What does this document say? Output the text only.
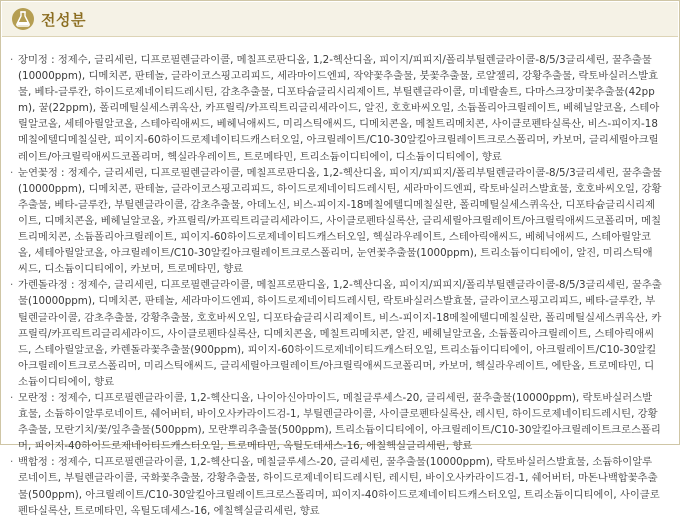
전성분

· 장미정 : 정제수, 글리세린, 디프로필렌글라이콜, 메칠프로판디올, 1,2-헥산디올, 피이지/피피지/폴리부틸렌글라이콜-8/5/3글리세린, 꿀추출물(10000ppm), 디메치콘, 판테놀, 글라이코스핑고리피드, 세라마이드엔피, 작약꽃추출물, 붓꽃추출물, 로얄젤리, 강황추출물, 락토바실러스발효물, 베타-글루칸, 하이드로제네이티드레시틴, 감초추출물, 디포타슘글리시리제이트, 부틸렌글라이콜, 미네랄솔트, 다마스크장미꽃추출물(42ppm), 꿀(22ppm), 폴리메틸실세스퀴옥산, 카프릴릭/카프릭트리글리세라이드, 알진, 호호바씨오일, 소듐폴리아크릴레이트, 베헤닐알코올, 스테아릴알코올, 세테아릴알코올, 스테아릭애씨드, 베헤닉애씨드, 미리스틱애씨드, 디메치콘올, 메칠트리메치콘, 사이클로펜타실록산, 비스-피이지-18메칠에텔디메칠실란, 피이지-60하이드로제네이티드캐스터오일, 아크릴레이트/C10-30알킬아크릴레이트크로스폴리머, 카보머, 글리세릴아크릴레이트/아크릴릭애씨드코폴리머, 헥실라우레이트, 트로메타민, 트리소듐이디티에이, 디소듐이디티에이, 향료

· 눈연꽃정 : 정제수, 글리세린, 디프로필렌글라이콜, 메칠프로판디올, 1,2-헥산디올, 피이지/피피지/폴리부틸렌글라이콜-8/5/3글리세린, 꿀추출물(10000ppm), 디메치콘, 판테놀, 글라이코스핑고리피드, 하이드로제네이티드레시틴, 세라마이드엔피, 락토바실러스발효물, 호호바씨오일, 강황추출물, 베타-글루칸, 부틸렌글라이콜, 감초추출물, 아데노신, 비스-피이지-18메칠에텔디메칠실란, 폴리메틸실세스퀴옥산, 디포타슘글리시리제이트, 디메치콘올, 베헤닐알코올, 카프릴릭/카프릭트리글리세라이드, 사이클로펜타실록산, 글리세릴아크릴레이트/아크릴릭애씨드코폴리머, 메칠트리메치콘, 소듐폴리아크릴레이트, 피이지-60하이드로제네이티드캐스터오일, 헥실라우레이트, 스테아릭애씨드, 베헤닉애씨드, 스테아릴알코올, 세테아릴알코올, 아크릴레이트/C10-30알킬아크릴레이트크로스폴리머, 눈연꽃추출물(1000ppm), 트리소듐이디티에이, 알진, 미리스틱애씨드, 디소듐이디티에이, 카보머, 트로메타민, 향료

· 가렌돌라정 : 정제수, 글리세린, 디프로필렌글라이콜, 메칠프로판디올, 1,2-헥산디올, 피이지/피피지/폴리부틸렌글라이콜-8/5/3글리세린, 꿀추출물(10000ppm), 디메치콘, 판테놀, 세라마이드엔피, 하이드로제네이티드레시틴, 락토바실러스발효물, 글라이코스핑고리피드, 베타-글루칸, 부틸렌글라이콜, 감초추출물, 강황추출물, 호호바씨오일, 디포타슘글리시리제이트, 비스-피이지-18메칠에텔디메칠실란, 폴리메틸실세스퀴옥산, 카프릴릭/카프릭트리글리세라이드, 사이클로펜타실록산, 디메치콘올, 메칠트리메치콘, 알진, 베헤닐알코올, 소듐폴리아크릴레이트, 스테아릭애씨드, 스테아릴알코올, 카렌돌라꽃추출물(900ppm), 피이지-60하이드로제네이티드캐스터오일, 트리소듐이디티에이, 아크릴레이트/C10-30알킬아크릴레이트크로스폴리머, 미리스틱애씨드, 글리세릴아크릴레이트/아크릴릭애씨드코폴리머, 카보머, 헥실라우레이트, 에탄올, 트로메타민, 디소듐이디티에이, 향료

· 모란정 : 정제수, 디프로필렌글라이콜, 1,2-헥산디올, 나이아신아마이드, 메칠글루세스-20, 글리세린, 꿀추출물(10000ppm), 락토바실러스발효물, 소듐하이알루로네이트, 쉐어버터, 바이오사카라이드검-1, 부틸렌글라이콜, 사이클로펜타실록산, 레시틴, 하이드로제네이티드레시틴, 강황추출물, 모란기치/꽃/잎추출물(500ppm), 모란뿌리추출물(500ppm), 트리소듐이디티에이, 아크릴레이트/C10-30알킬아크릴레이트크로스폴리머, 피이지-40하이드로제네이티드캐스터오일, 트로메타민, 옥틸도데세스-16, 에칠헥실글리세린, 향료

· 백합정 : 정제수, 디프로필렌글라이콜, 1,2-헥산디올, 메칠글루세스-20, 글리세린, 꿀추출물(10000ppm), 락토바실러스발효물, 소듐하이알루로네이트, 부틸렌글라이콜, 국화꽃추출물, 강황추출물, 하이드로제네이티드레시틴, 레시틴, 바이오사카라이드검-1, 쉐어버터, 마돈나백합꽃추출물(500ppm), 아크릴레이트/C10-30알킬아크릴레이트크로스폴리머, 피이지-40하이드로제네이티드캐스터오일, 트리소듐이디티에이, 사이클로펜타실록산, 트로메타민, 옥틸도데세스-16, 에칠헥실글리세린, 향료
